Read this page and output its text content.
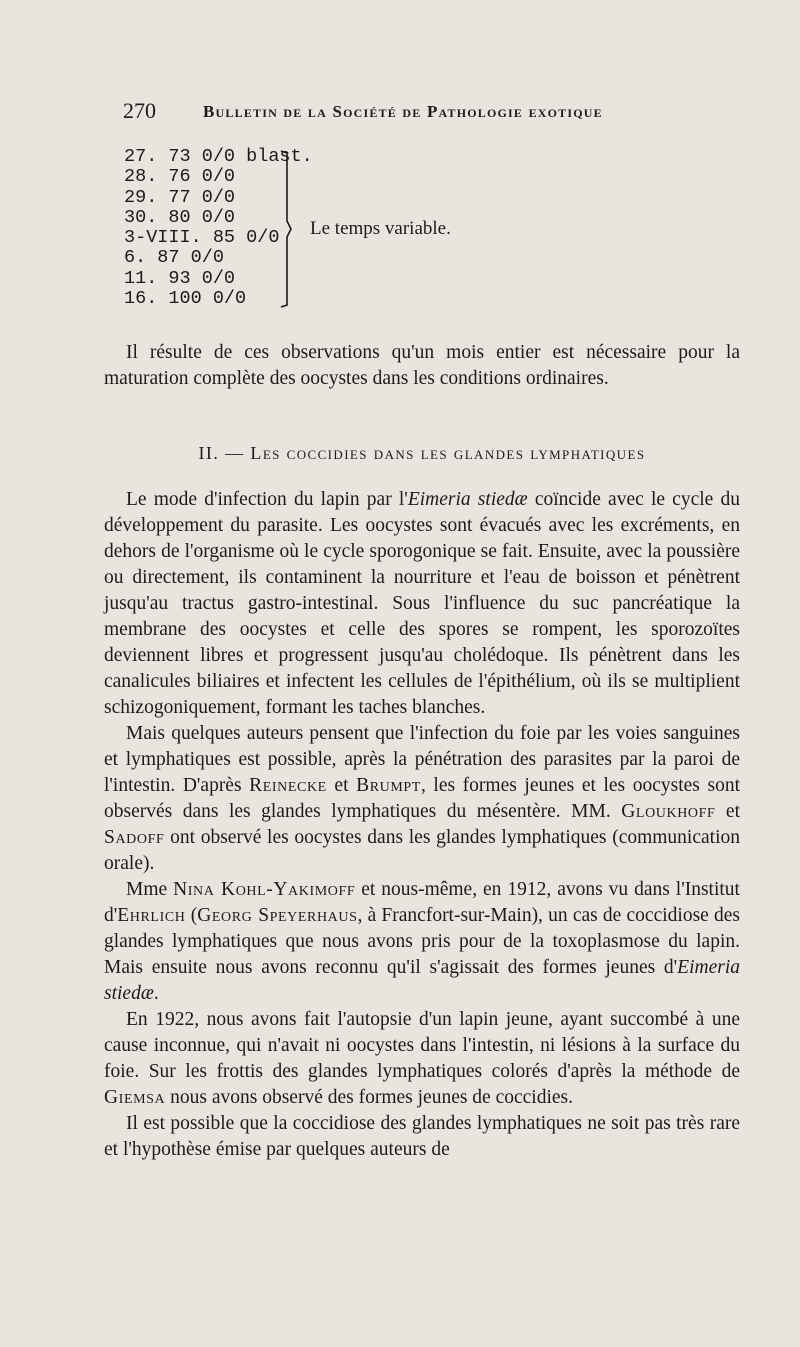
270	Bulletin de la Société de Pathologie exotique
27. 73 0/0 blast.
28. 76 0/0
29. 77 0/0
30. 80 0/0
3-VIII. 85 0/0
6. 87 0/0
11. 93 0/0
16. 100 0/0
Le temps variable.

Il résulte de ces observations qu'un mois entier est nécessaire pour la maturation complète des oocystes dans les conditions ordinaires.

II. — Les coccidies dans les glandes lymphatiques

Le mode d'infection du lapin par l'Eimeria stiedæ coïncide avec le cycle du développement du parasite. Les oocystes sont évacués avec les excréments, en dehors de l'organisme où le cycle sporogonique se fait. Ensuite, avec la poussière ou directement, ils contaminent la nourriture et l'eau de boisson et pénètrent jusqu'au tractus gastro-intestinal. Sous l'influence du suc pancréatique la membrane des oocystes et celle des spores se rompent, les sporozoïtes deviennent libres et progressent jusqu'au cholédoque. Ils pénètrent dans les canalicules biliaires et infectent les cellules de l'épithélium, où ils se multiplient schizogoniquement, formant les taches blanches.

Mais quelques auteurs pensent que l'infection du foie par les voies sanguines et lymphatiques est possible, après la pénétration des parasites par la paroi de l'intestin. D'après Reinecke et Brumpt, les formes jeunes et les oocystes sont observés dans les glandes lymphatiques du mésentère. MM. Gloukhoff et Sadoff ont observé les oocystes dans les glandes lymphatiques (communication orale).

Mme Nina Kohl-Yakimoff et nous-même, en 1912, avons vu dans l'Institut d'Ehrlich (Georg Speyerhaus, à Francfort-sur-Main), un cas de coccidiose des glandes lymphatiques que nous avons pris pour de la toxoplasmose du lapin. Mais ensuite nous avons reconnu qu'il s'agissait des formes jeunes d'Eimeria stiedæ.

En 1922, nous avons fait l'autopsie d'un lapin jeune, ayant succombé à une cause inconnue, qui n'avait ni oocystes dans l'intestin, ni lésions à la surface du foie. Sur les frottis des glandes lymphatiques colorés d'après la méthode de Giemsa nous avons observé des formes jeunes de coccidies.

Il est possible que la coccidiose des glandes lymphatiques ne soit pas très rare et l'hypothèse émise par quelques auteurs de
